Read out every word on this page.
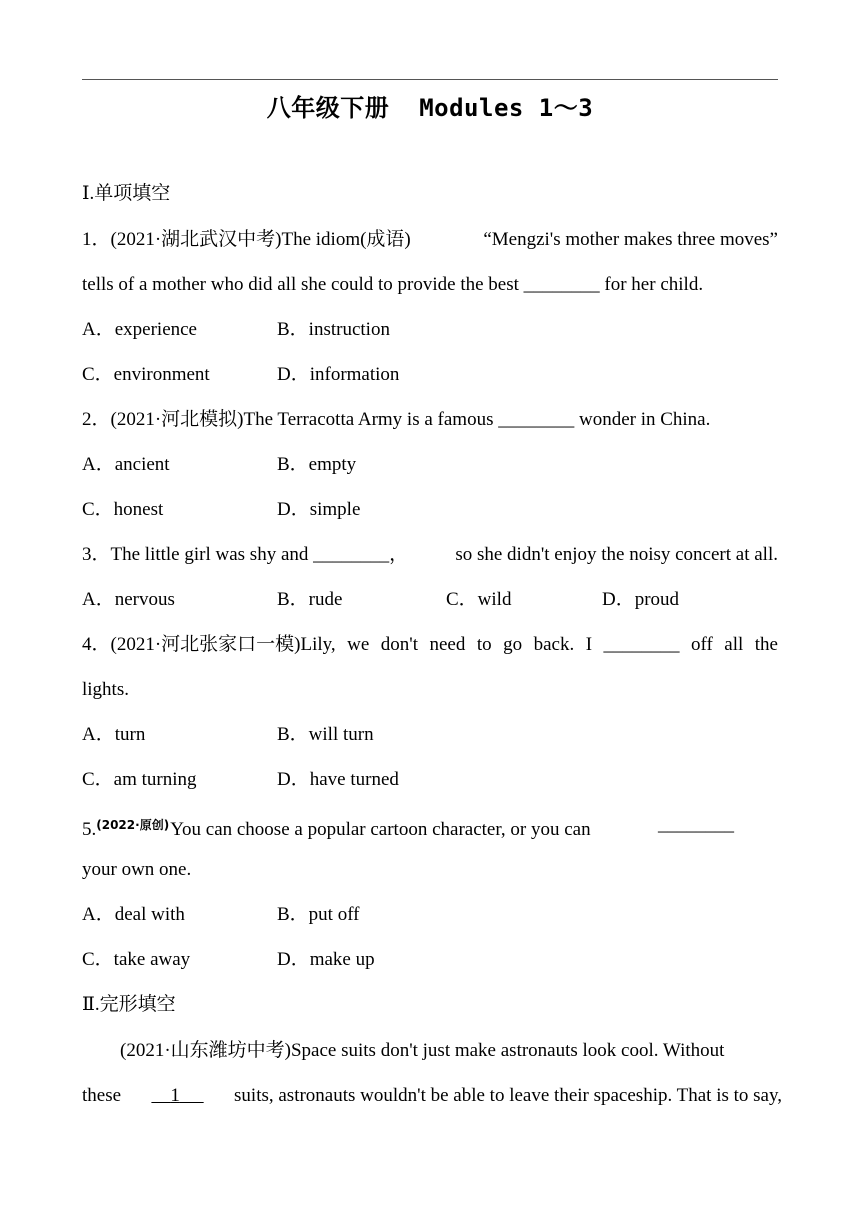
八年级下册  Modules 1～3
Ⅰ.单项填空
1．(2021·湖北武汉中考)The idiom(成语)	“Mengzi's mother makes three moves”
tells of a mother who did all she could to provide the best ________ for her child.
A．experience	B．instruction
C．environment	D．information
2．(2021·河北模拟)The Terracotta Army is a famous ________ wonder in China.
A．ancient	B．empty
C．honest	D．simple
3．The little girl was shy and ________， so she didn't enjoy the noisy concert at all.
A．nervous	B．rude	C．wild	D．proud
4．(2021·河北张家口一模)Lily, we don't need to go back. I ________ off all the
lights.
A．turn	B．will turn
C．am turning	D．have turned
5.(2022·原创)You can choose a popular cartoon character, or you can	________
your own one.
A．deal with	B．put off
C．take away	D．make up
Ⅱ.完形填空
(2021·山东潍坊中考)Space suits don't just make astronauts look cool. Without
these	1	suits, astronauts wouldn't be able to leave their spaceship. That is to say,
